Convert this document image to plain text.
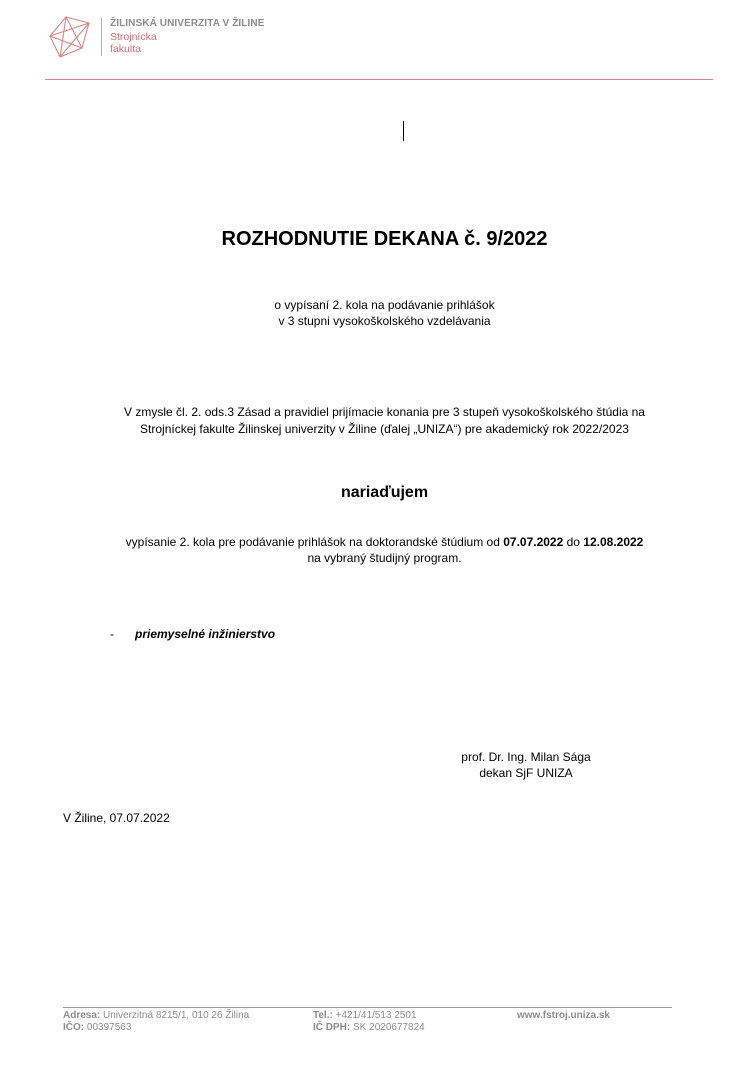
ŽILINSKÁ UNIVERZITA V ŽILINE
Strojnícka
fakulta
ROZHODNUTIE DEKANA č. 9/2022
o vypísaní 2. kola na podávanie prihlášok
v 3 stupni vysokoškolského vzdelávania
V zmysle čl. 2. ods.3 Zásad a pravidiel prijímacie konania pre 3 stupeň vysokoškolského štúdia na
Strojníckej fakulte Žilinskej univerzity v Žiline (ďalej „UNIZA“) pre akademický rok 2022/2023
nariaďujem
vypísanie 2. kola pre podávanie prihlášok na doktorandské štúdium od 07.07.2022 do 12.08.2022
na vybraný študijný program.
- priemyselné inžinierstvo
prof. Dr. Ing. Milan Sága
dekan SjF UNIZA
V Žiline, 07.07.2022
Adresa: Univerzitná 8215/1, 010 26 Žilina
IČO: 00397563
Tel.: +421/41/513 2501
IČ DPH: SK 2020677824
www.fstroj.uniza.sk
